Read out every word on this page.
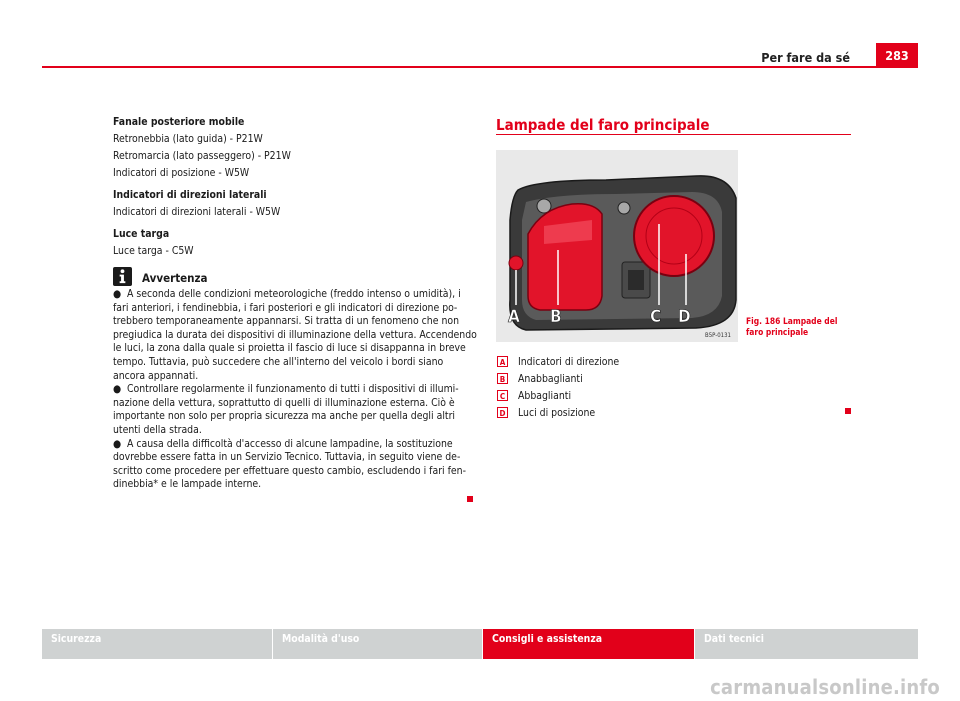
Per fare da sé	283

Fanale posteriore mobile

Retronebbia (lato guida) - P21W

Retromarcia (lato passeggero) - P21W

Indicatori di posizione - W5W

Indicatori di direzioni laterali

Indicatori di direzioni laterali - W5W

Luce targa

Luce targa - C5W

Avvertenza

● A seconda delle condizioni meteorologiche (freddo intenso o umidità), i fari anteriori, i fendinebbia, i fari posteriori e gli indicatori di direzione potrebbero temporaneamente appannarsi. Si tratta di un fenomeno che non pregiudica la durata dei dispositivi di illuminazione della vettura. Accendendo le luci, la zona dalla quale si proietta il fascio di luce si disappanna in breve tempo. Tuttavia, può succedere che all'interno del veicolo i bordi siano ancora appannati.

● Controllare regolarmente il funzionamento di tutti i dispositivi di illuminazione della vettura, soprattutto di quelli di illuminazione esterna. Ciò è importante non solo per propria sicurezza ma anche per quella degli altri utenti della strada.

● A causa della difficoltà d'accesso di alcune lampadine, la sostituzione dovrebbe essere fatta in un Servizio Tecnico. Tuttavia, in seguito viene descritto come procedere per effettuare questo cambio, escludendo i fari fendinebbia* e le lampade interne.

Lampade del faro principale
A B	C D
B5P-0131
Fig. 186 Lampade del faro principale
A Indicatori di direzione
B Anabbaglianti
C Abbaglianti
D Luci di posizione
Sicurezza	Modalità d'uso	Consigli e assistenza	Dati tecnici
carmanualsonline.info
